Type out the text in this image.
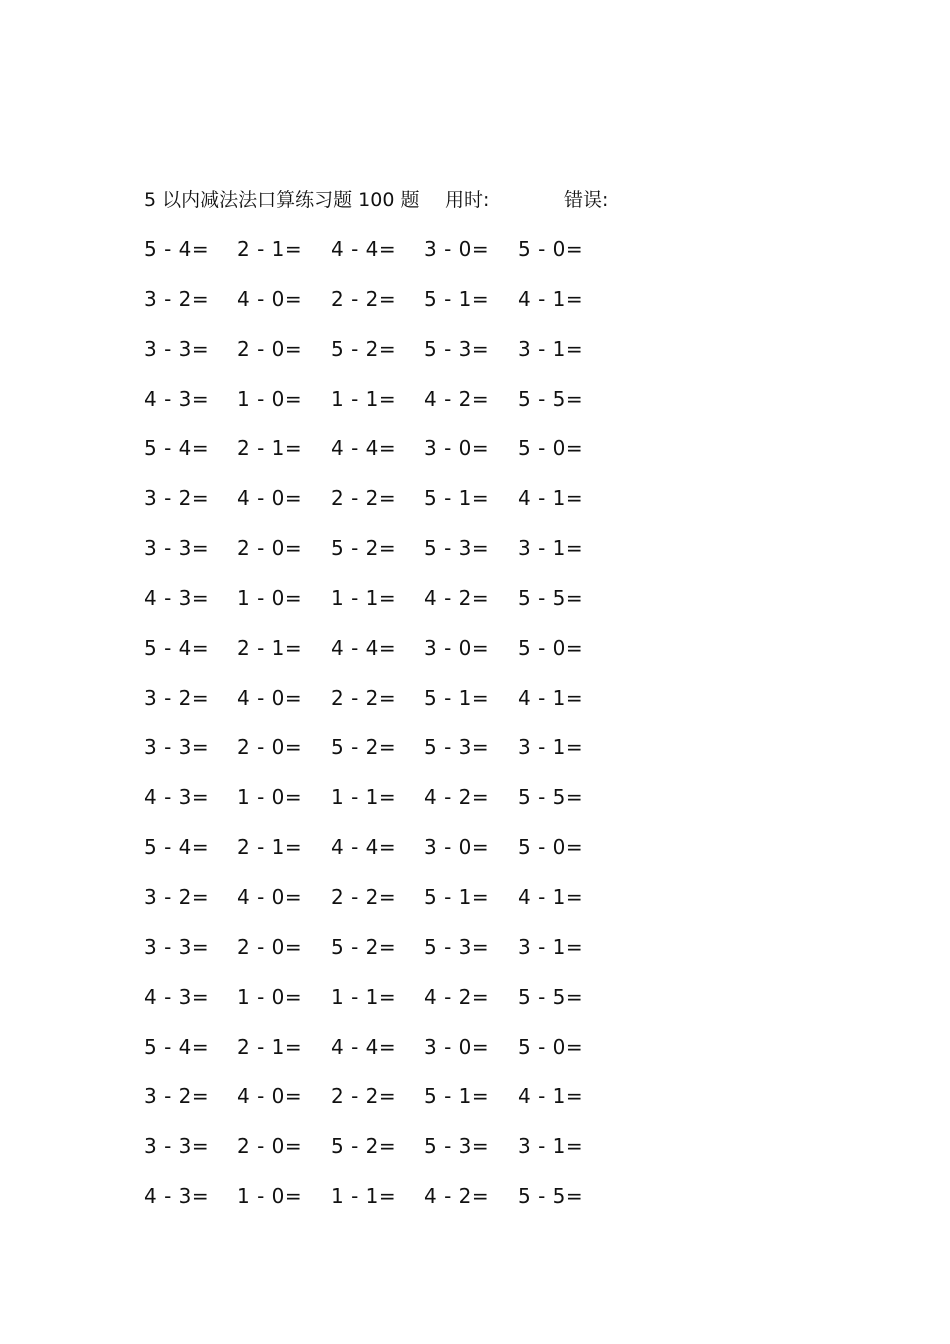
5 以内减法法口算练习题 100 题 用时:	错误:
5 - 4= 2 - 1= 4 - 4= 3 - 0= 5 - 0=
3 - 2= 4 - 0= 2 - 2= 5 - 1= 4 - 1=
3 - 3= 2 - 0= 5 - 2= 5 - 3= 3 - 1=
4 - 3= 1 - 0= 1 - 1= 4 - 2= 5 - 5=
5 - 4= 2 - 1= 4 - 4= 3 - 0= 5 - 0=
3 - 2= 4 - 0= 2 - 2= 5 - 1= 4 - 1=
3 - 3= 2 - 0= 5 - 2= 5 - 3= 3 - 1=
4 - 3= 1 - 0= 1 - 1= 4 - 2= 5 - 5=
5 - 4= 2 - 1= 4 - 4= 3 - 0= 5 - 0=
3 - 2= 4 - 0= 2 - 2= 5 - 1= 4 - 1=
3 - 3= 2 - 0= 5 - 2= 5 - 3= 3 - 1=
4 - 3= 1 - 0= 1 - 1= 4 - 2= 5 - 5=
5 - 4= 2 - 1= 4 - 4= 3 - 0= 5 - 0=
3 - 2= 4 - 0= 2 - 2= 5 - 1= 4 - 1=
3 - 3= 2 - 0= 5 - 2= 5 - 3= 3 - 1=
4 - 3= 1 - 0= 1 - 1= 4 - 2= 5 - 5=
5 - 4= 2 - 1= 4 - 4= 3 - 0= 5 - 0=
3 - 2= 4 - 0= 2 - 2= 5 - 1= 4 - 1=
3 - 3= 2 - 0= 5 - 2= 5 - 3= 3 - 1=
4 - 3= 1 - 0= 1 - 1= 4 - 2= 5 - 5=
